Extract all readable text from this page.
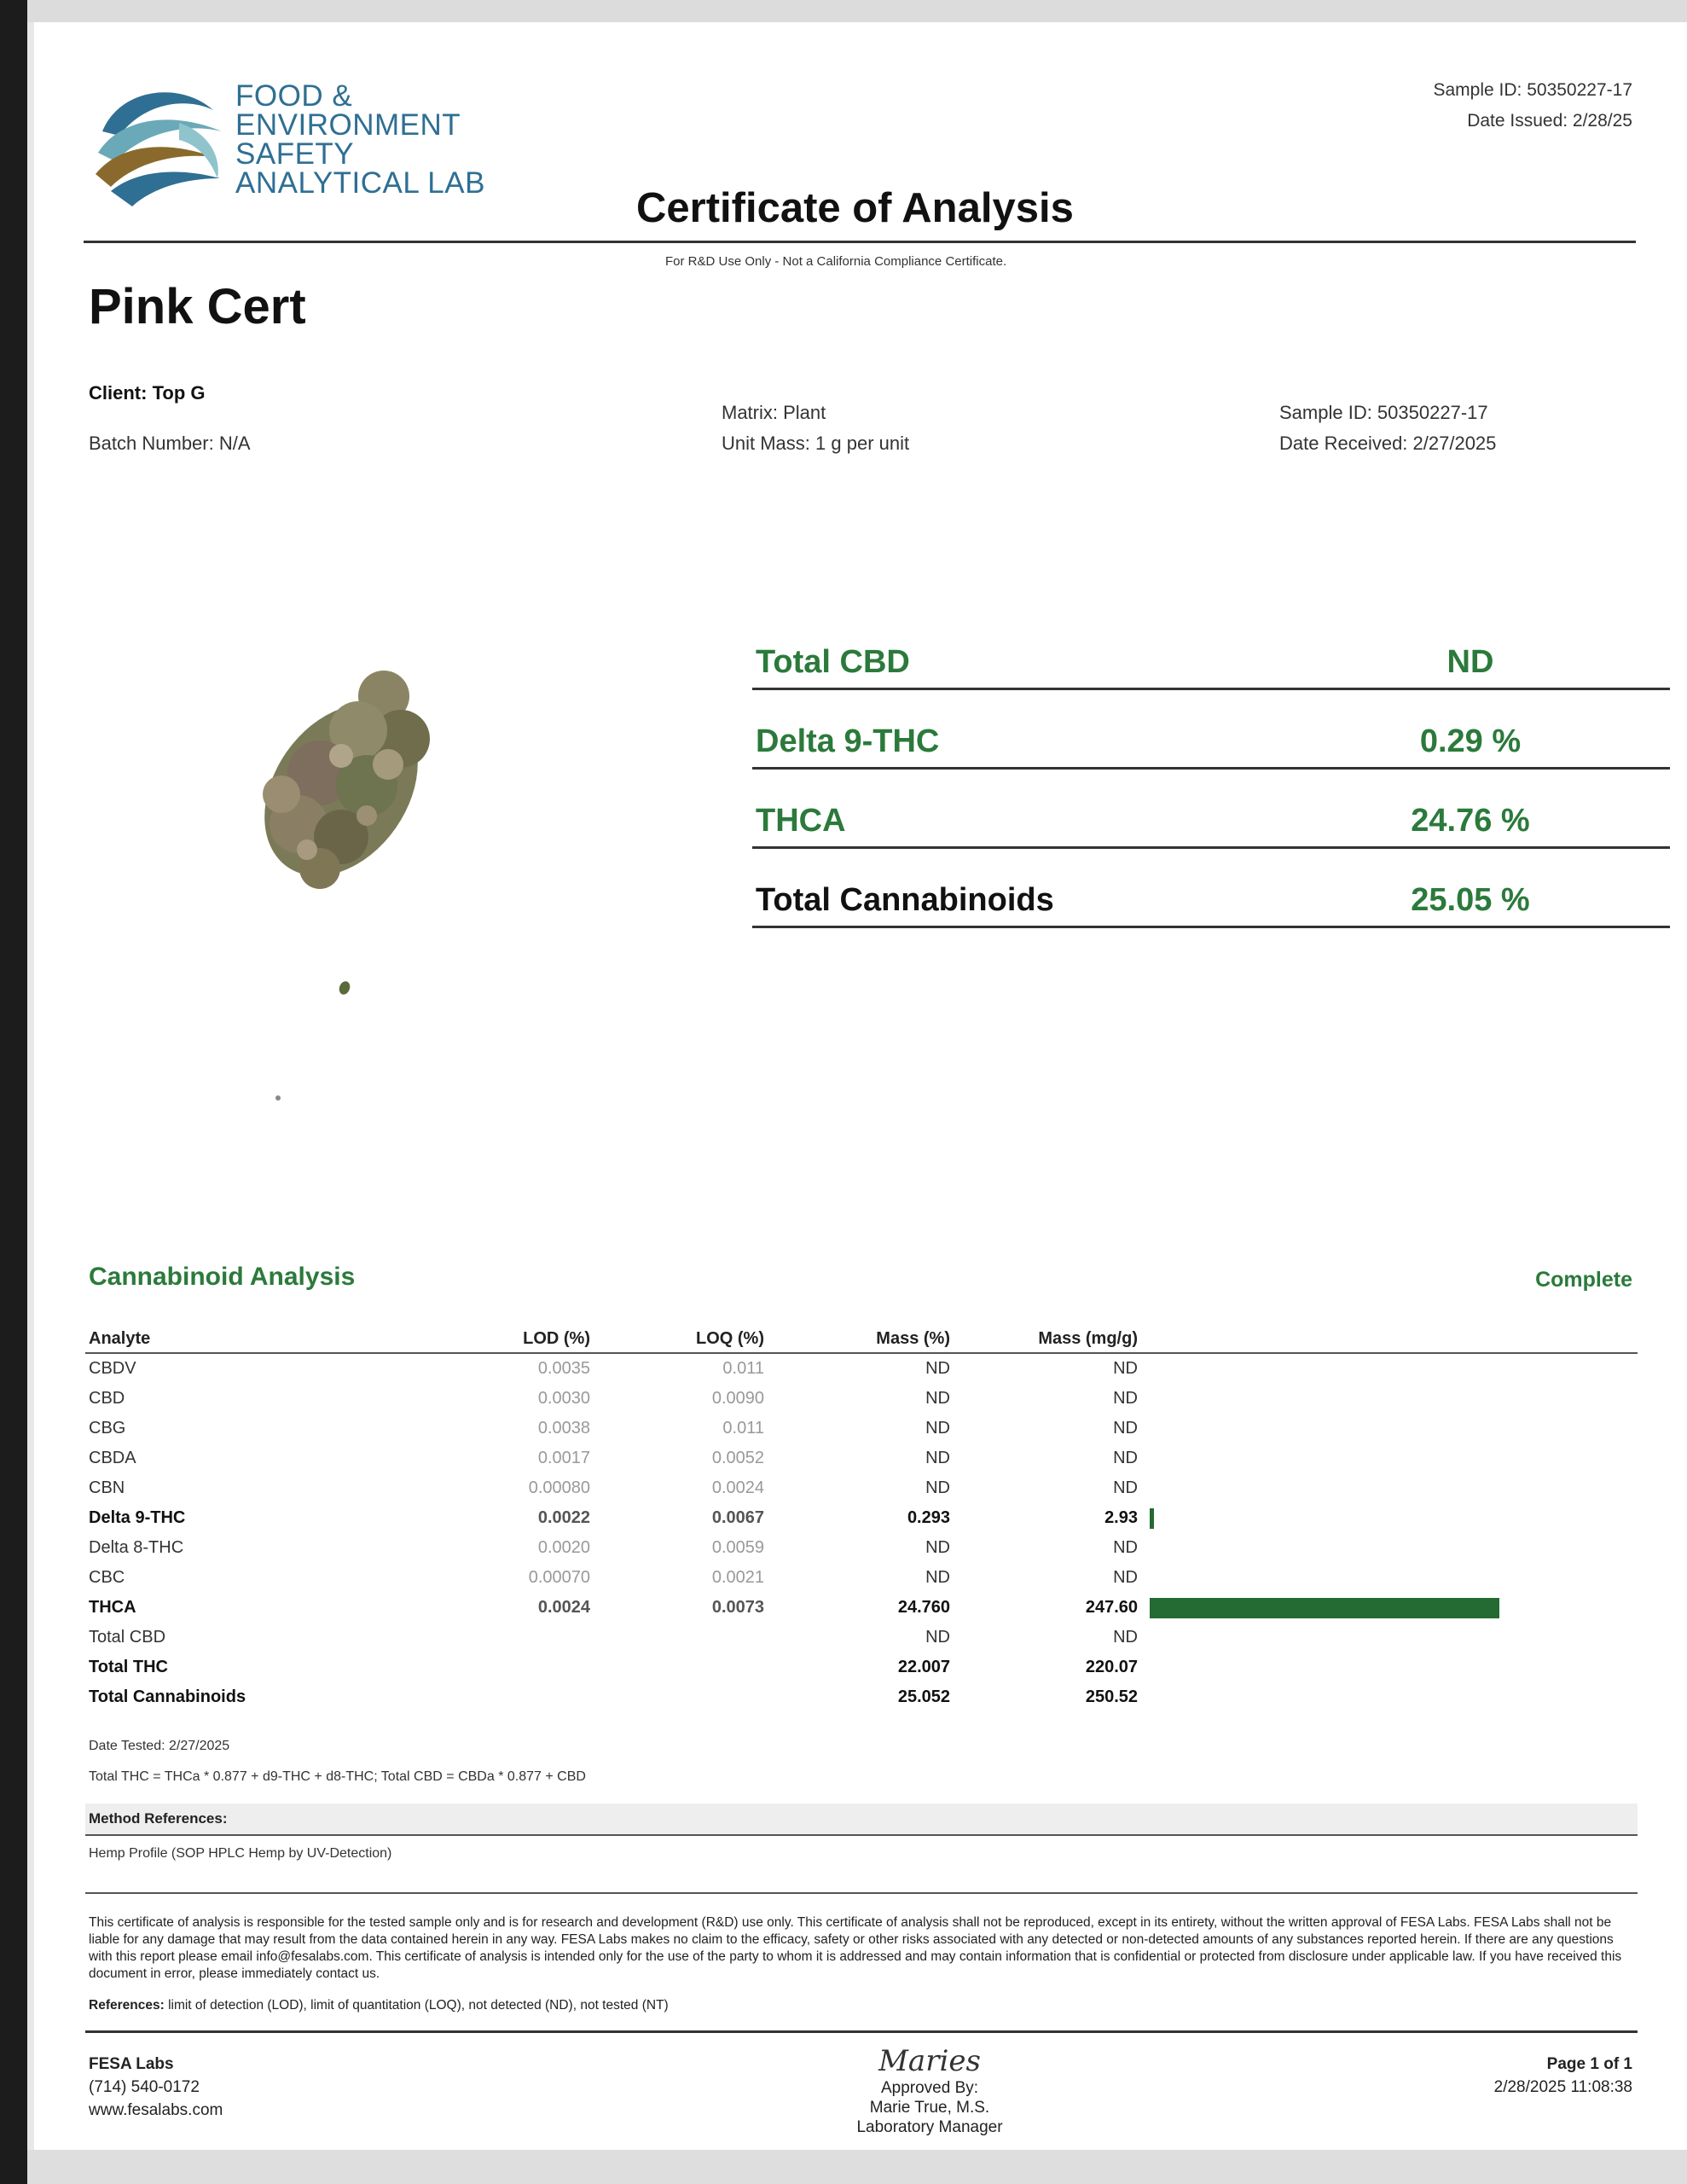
FOOD &
ENVIRONMENT
SAFETY
ANALYTICAL LAB
Sample ID: 50350227-17
Date Issued: 2/28/25
Certificate of Analysis
For R&D Use Only - Not a California Compliance Certificate.
Pink Cert
Client: Top G
Batch Number: N/A
Matrix: Plant
Unit Mass: 1 g per unit
Sample ID: 50350227-17
Date Received: 2/27/2025
Total CBD	ND
Delta 9-THC	0.29 %
THCA	24.76 %
Total Cannabinoids	25.05 %
Cannabinoid Analysis	Complete
Analyte	LOD (%)	LOQ (%)	Mass (%)	Mass (mg/g)	
CBDV	0.0035	0.011	ND	ND	
CBD	0.0030	0.0090	ND	ND	
CBG	0.0038	0.011	ND	ND	
CBDA	0.0017	0.0052	ND	ND	
CBN	0.00080	0.0024	ND	ND	
Delta 9-THC	0.0022	0.0067	0.293	2.93	

Delta 8-THC	0.0020	0.0059	ND	ND	
CBC	0.00070	0.0021	ND	ND	
THCA	0.0024	0.0073	24.760	247.60	

Total CBD			ND	ND	
Total THC			22.007	220.07	
Total Cannabinoids			25.052	250.52	
Date Tested: 2/27/2025
Total THC = THCa * 0.877 + d9-THC + d8-THC; Total CBD = CBDa * 0.877 + CBD
Method References:
Hemp Profile (SOP HPLC Hemp by UV-Detection)
This certificate of analysis is responsible for the tested sample only and is for research and development (R&D) use only. This certificate of analysis shall not be reproduced, except in its entirety, without the written approval of FESA Labs. FESA Labs shall not be liable for any damage that may result from the data contained herein in any way. FESA Labs makes no claim to the efficacy, safety or other risks associated with any detected or non-detected amounts of any substances reported herein. If there are any questions with this report please email info@fesalabs.com. This certificate of analysis is intended only for the use of the party to whom it is addressed and may contain information that is confidential or protected from disclosure under applicable law. If you have received this document in error, please immediately contact us.
References: limit of detection (LOD), limit of quantitation (LOQ), not detected (ND), not tested (NT)
FESA Labs
(714) 540-0172
www.fesalabs.com
Maries
Approved By:
Marie True, M.S.
Laboratory Manager
Page 1 of 1
2/28/2025 11:08:38
